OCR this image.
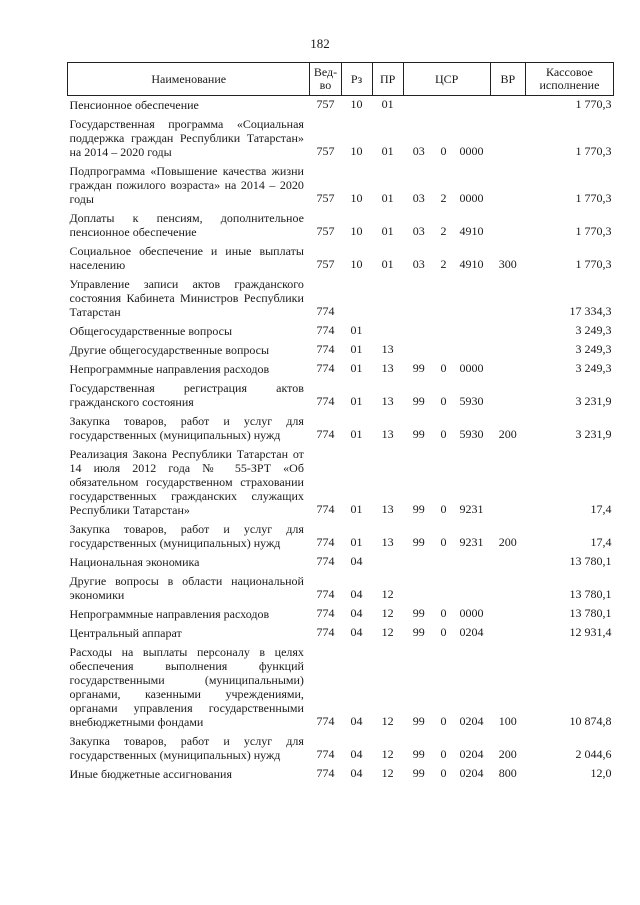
182
Наименование	Вед-во	Рз	ПР	ЦСР			ВР	Кассовое исполнение
Пенсионное обеспечение	757	10	01					1 770,3
Государственная программа «Социальная поддержка граждан Республики Татарстан» на 2014 – 2020 годы	757	10	01	03	0	0000		1 770,3
Подпрограмма «Повышение качества жизни граждан пожилого возраста» на 2014 – 2020 годы	757	10	01	03	2	0000		1 770,3
Доплаты к пенсиям, дополнительное пенсионное обеспечение	757	10	01	03	2	4910		1 770,3
Социальное обеспечение и иные выплаты населению	757	10	01	03	2	4910	300	1 770,3
Управление записи актов гражданского состояния Кабинета Министров Республики Татарстан	774							17 334,3
Общегосударственные вопросы	774	01						3 249,3
Другие общегосударственные вопросы	774	01	13					3 249,3
Непрограммные направления расходов	774	01	13	99	0	0000		3 249,3
Государственная регистрация актов гражданского состояния	774	01	13	99	0	5930		3 231,9
Закупка товаров, работ и услуг для государственных (муниципальных) нужд	774	01	13	99	0	5930	200	3 231,9
Реализация Закона Республики Татарстан от 14 июля 2012 года № 55-ЗРТ «Об обязательном государственном страховании государственных гражданских служащих Республики Татарстан»	774	01	13	99	0	9231		17,4
Закупка товаров, работ и услуг для государственных (муниципальных) нужд	774	01	13	99	0	9231	200	17,4
Национальная экономика	774	04						13 780,1
Другие вопросы в области национальной экономики	774	04	12					13 780,1
Непрограммные направления расходов	774	04	12	99	0	0000		13 780,1
Центральный аппарат	774	04	12	99	0	0204		12 931,4
Расходы на выплаты персоналу в целях обеспечения выполнения функций государственными (муниципальными) органами, казенными учреждениями, органами управления государственными внебюджетными фондами	774	04	12	99	0	0204	100	10 874,8
Закупка товаров, работ и услуг для государственных (муниципальных) нужд	774	04	12	99	0	0204	200	2 044,6
Иные бюджетные ассигнования	774	04	12	99	0	0204	800	12,0
